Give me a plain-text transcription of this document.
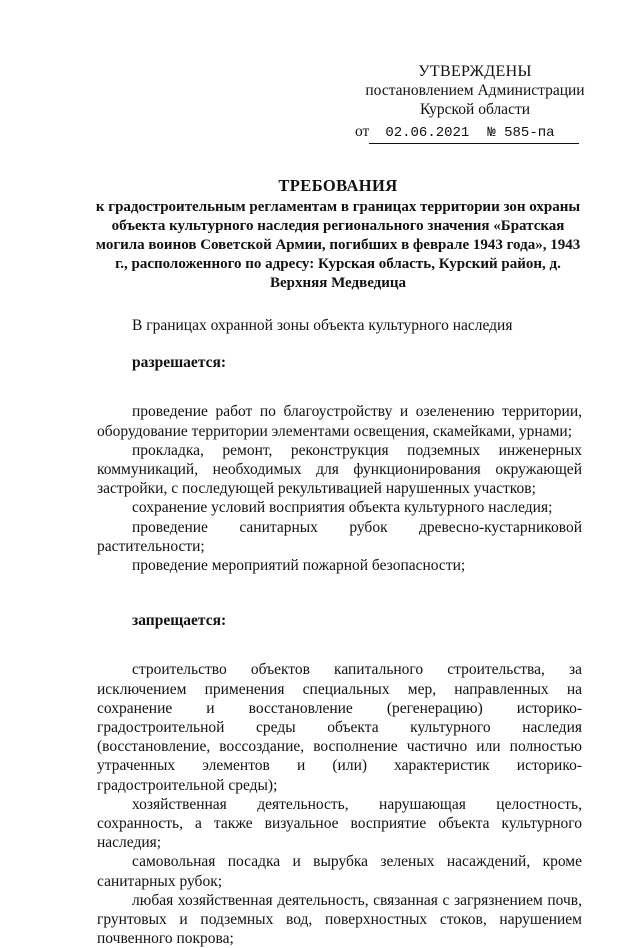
УТВЕРЖДЕНЫ
постановлением Администрации
Курской области
от 02.06.2021 № 585-па
ТРЕБОВАНИЯ
к градостроительным регламентам в границах территории зон охраны объекта культурного наследия регионального значения «Братская могила воинов Советской Армии, погибших в феврале 1943 года», 1943 г., расположенного по адресу: Курская область, Курский район, д. Верхняя Медведица

В границах охранной зоны объекта культурного наследия

разрешается:

проведение работ по благоустройству и озеленению территории, оборудование территории элементами освещения, скамейками, урнами;

прокладка, ремонт, реконструкция подземных инженерных коммуникаций, необходимых для функционирования окружающей застройки, с последующей рекультивацией нарушенных участков;

сохранение условий восприятия объекта культурного наследия;

проведение санитарных рубок древесно-кустарниковой растительности;

проведение мероприятий пожарной безопасности;

запрещается:

строительство объектов капитального строительства, за исключением применения специальных мер, направленных на сохранение и восстановление (регенерацию) историко-градостроительной среды объекта культурного наследия (восстановление, воссоздание, восполнение частично или полностью утраченных элементов и (или) характеристик историко-градостроительной среды);

хозяйственная деятельность, нарушающая целостность, сохранность, а также визуальное восприятие объекта культурного наследия;

самовольная посадка и вырубка зеленых насаждений, кроме санитарных рубок;

любая хозяйственная деятельность, связанная с загрязнением почв, грунтовых и подземных вод, поверхностных стоков, нарушением почвенного покрова;
